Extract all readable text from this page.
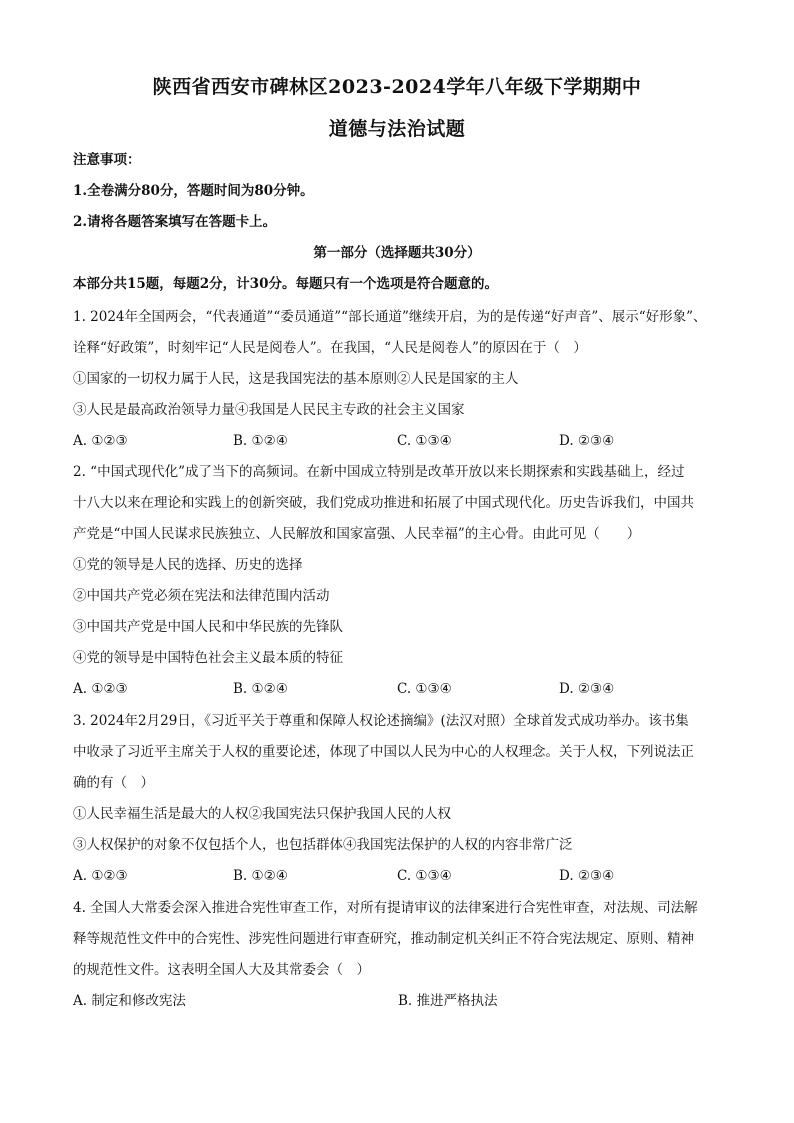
陕西省西安市碑林区2023-2024学年八年级下学期期中
道德与法治试题
注意事项：
1.全卷满分80分，答题时间为80分钟。
2.请将各题答案填写在答题卡上。
第一部分（选择题共30分）
本部分共15题，每题2分，计30分。每题只有一个选项是符合题意的。
1. 2024年全国两会，“代表通道”“委员通道”“部长通道”继续开启，为的是传递“好声音”、展示“好形象”、
诠释“好政策”，时刻牢记“人民是阅卷人”。在我国，“人民是阅卷人”的原因在于（　）
①国家的一切权力属于人民，这是我国宪法的基本原则②人民是国家的主人
③人民是最高政治领导力量④我国是人民民主专政的社会主义国家
A. ①②③	B. ①②④	C. ①③④	D. ②③④
2. “中国式现代化”成了当下的高频词。在新中国成立特别是改革开放以来长期探索和实践基础上，经过
十八大以来在理论和实践上的创新突破，我们党成功推进和拓展了中国式现代化。历史告诉我们，中国共
产党是“中国人民谋求民族独立、人民解放和国家富强、人民幸福”的主心骨。由此可见（　　）
①党的领导是人民的选择、历史的选择
②中国共产党必须在宪法和法律范围内活动
③中国共产党是中国人民和中华民族的先锋队
④党的领导是中国特色社会主义最本质的特征
A. ①②③	B. ①②④	C. ①③④	D. ②③④
3. 2024年2月29日，《习近平关于尊重和保障人权论述摘编》(法汉对照）全球首发式成功举办。该书集
中收录了习近平主席关于人权的重要论述，体现了中国以人民为中心的人权理念。关于人权，下列说法正
确的有（　）
①人民幸福生活是最大的人权②我国宪法只保护我国人民的人权
③人权保护的对象不仅包括个人，也包括群体④我国宪法保护的人权的内容非常广泛
A. ①②③	B. ①②④	C. ①③④	D. ②③④
4. 全国人大常委会深入推进合宪性审查工作，对所有提请审议的法律案进行合宪性审查，对法规、司法解
释等规范性文件中的合宪性、涉宪性问题进行审查研究，推动制定机关纠正不符合宪法规定、原则、精神
的规范性文件。这表明全国人大及其常委会（　）
A. 制定和修改宪法	B. 推进严格执法
